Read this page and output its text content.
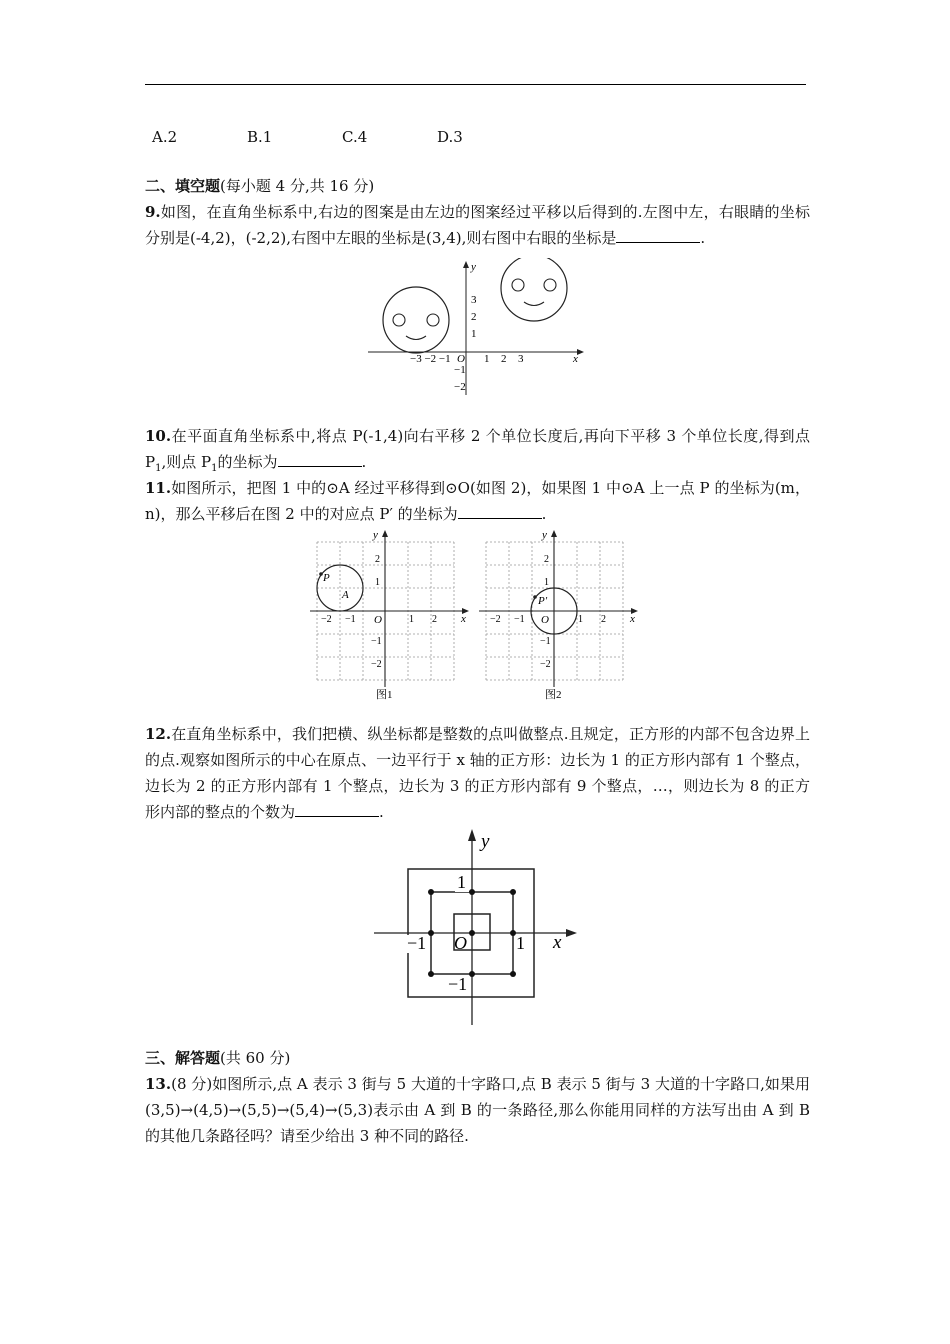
A.2	B.1	C.4	D.3
二、填空题(每小题 4 分,共 16 分)
9.如图，在直角坐标系中,右边的图案是由左边的图案经过平移以后得到的.左图中左，右眼睛的坐标分别是(-4,2)，(-2,2),右图中左眼的坐标是(3,4),则右图中右眼的坐标是	.
x
y
−3 −2 −1 O 1 2 3
3
2
1
−1
−2
10.在平面直角坐标系中,将点 P(-1,4)向右平移 2 个单位长度后,再向下平移 3 个单位长度,得到点 $P_1$,则点 $P_1$的坐标为	.
11.如图所示，把图 1 中的⊙A 经过平移得到⊙O(如图 2)，如果图 1 中⊙A 上一点 P 的坐标为(m，n)，那么平移后在图 2 中的对应点 P′ 的坐标为	.
x
y
O
−2 −1	1 2
2
1
−1
−2
P
A
图1
x
y
O
−2 −1	1 2
2
1
−1
−2
P′
图2
12.在直角坐标系中，我们把横、纵坐标都是整数的点叫做整点.且规定，正方形的内部不包含边界上的点.观察如图所示的中心在原点、一边平行于 x 轴的正方形：边长为 1 的正方形内部有 1 个整点，边长为 2 的正方形内部有 1 个整点，边长为 3 的正方形内部有 9 个整点，…，则边长为 8 的正方形内部的整点的个数为	.
y
x
1
1
−1 O
−1
三、解答题(共 60 分)
13.(8 分)如图所示,点 A 表示 3 街与 5 大道的十字路口,点 B 表示 5 街与 3 大道的十字路口,如果用(3,5)→(4,5)→(5,5)→(5,4)→(5,3)表示由 A 到 B 的一条路径,那么你能用同样的方法写出由 A 到 B 的其他几条路径吗？请至少给出 3 种不同的路径.
